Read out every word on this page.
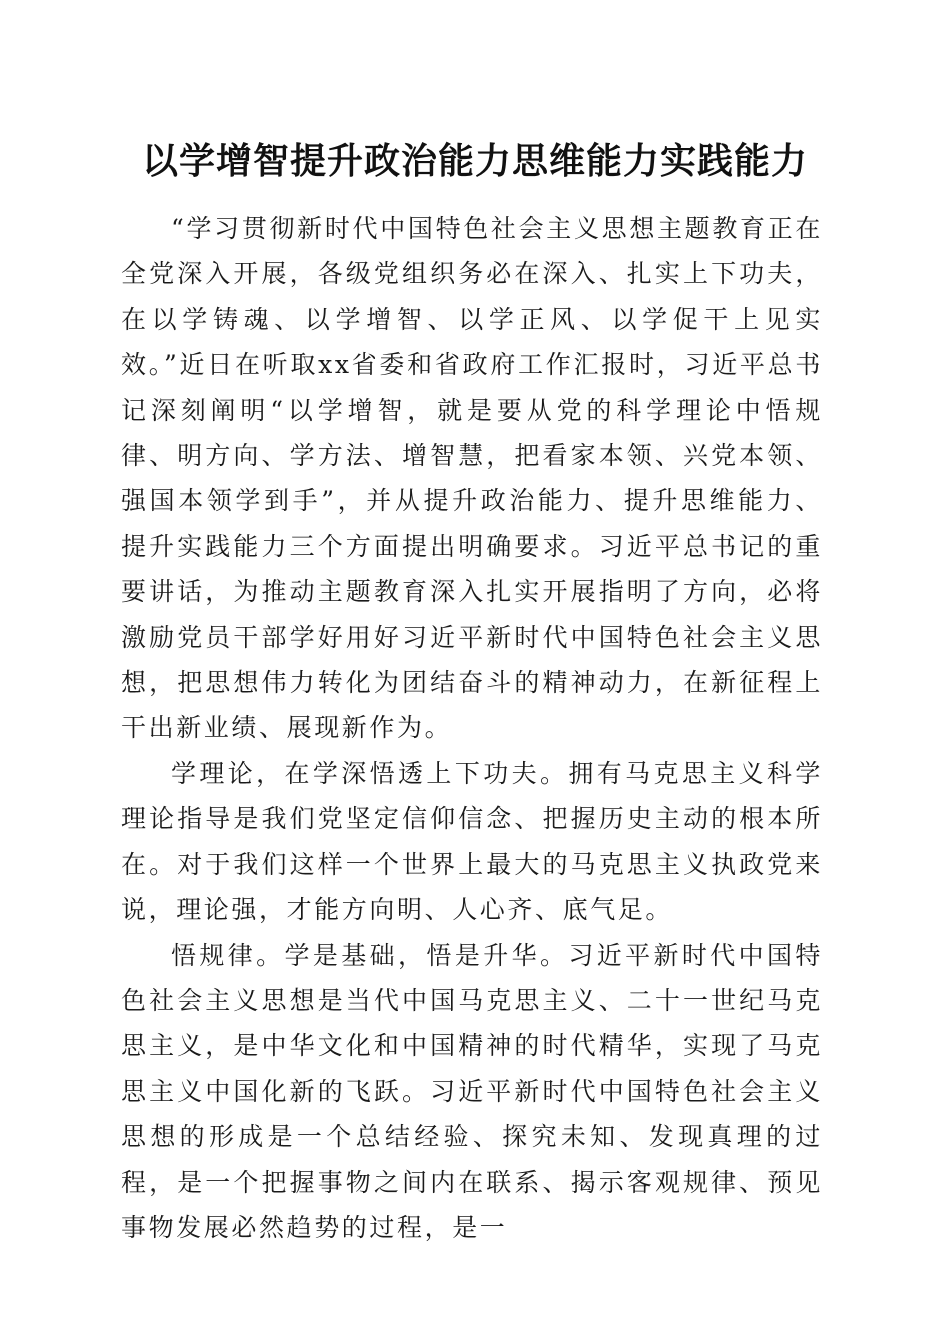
以学增智提升政治能力思维能力实践能力

“学习贯彻新时代中国特色社会主义思想主题教育正在全党深入开展，各级党组织务必在深入、扎实上下功夫，在以学铸魂、以学增智、以学正风、以学促干上见实效。”近日在听取xx省委和省政府工作汇报时，习近平总书记深刻阐明“以学增智，就是要从党的科学理论中悟规律、明方向、学方法、增智慧，把看家本领、兴党本领、强国本领学到手”，并从提升政治能力、提升思维能力、提升实践能力三个方面提出明确要求。习近平总书记的重要讲话，为推动主题教育深入扎实开展指明了方向，必将激励党员干部学好用好习近平新时代中国特色社会主义思想，把思想伟力转化为团结奋斗的精神动力，在新征程上干出新业绩、展现新作为。

学理论，在学深悟透上下功夫。拥有马克思主义科学理论指导是我们党坚定信仰信念、把握历史主动的根本所在。对于我们这样一个世界上最大的马克思主义执政党来说，理论强，才能方向明、人心齐、底气足。

悟规律。学是基础，悟是升华。习近平新时代中国特色社会主义思想是当代中国马克思主义、二十一世纪马克思主义，是中华文化和中国精神的时代精华，实现了马克思主义中国化新的飞跃。习近平新时代中国特色社会主义思想的形成是一个总结经验、探究未知、发现真理的过程，是一个把握事物之间内在联系、揭示客观规律、预见事物发展必然趋势的过程，是一
